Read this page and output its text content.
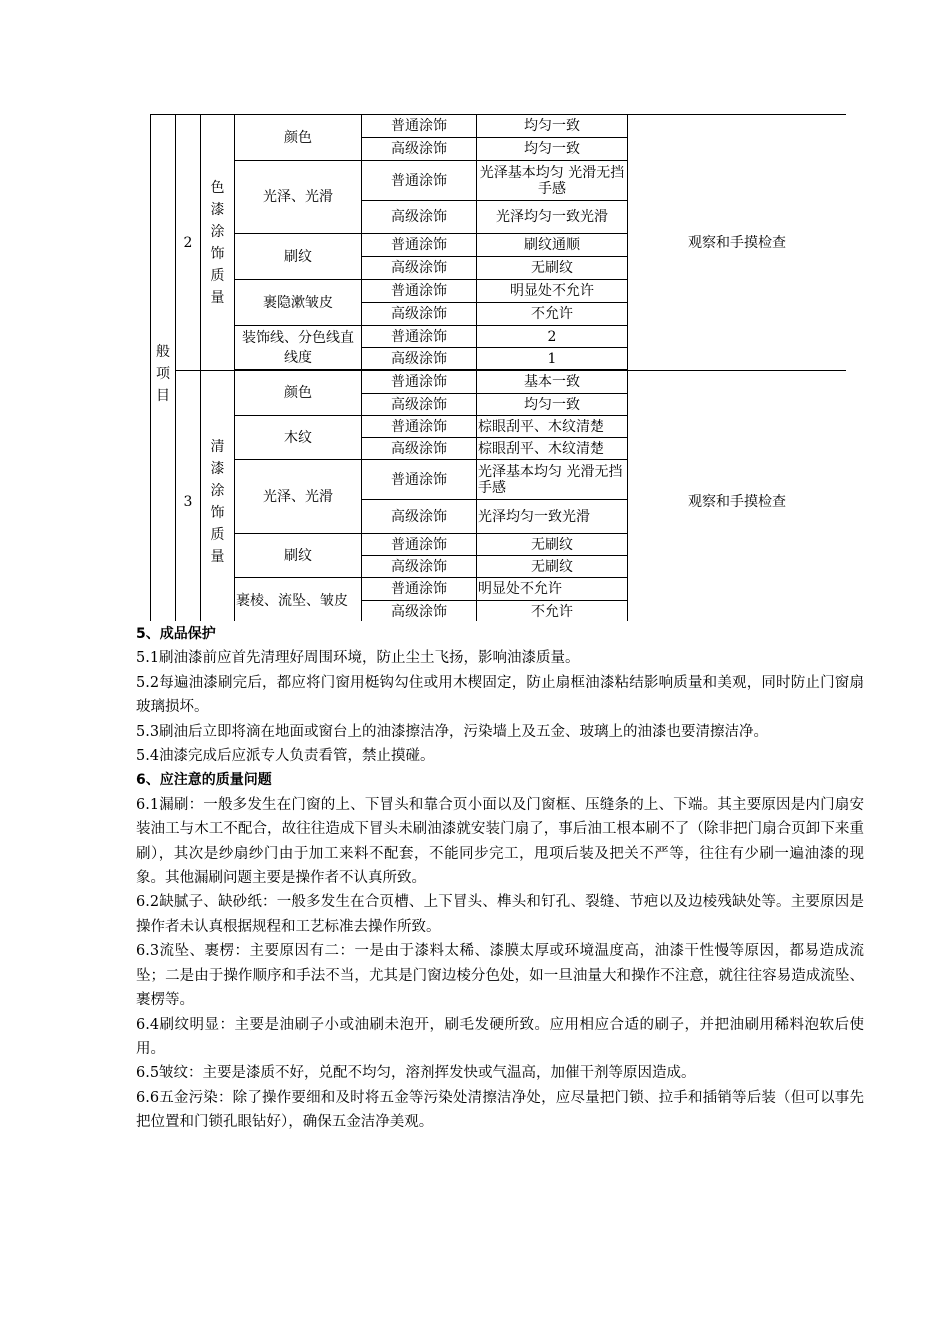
般项目	2	色漆涂饰质量	颜色	普通涂饰	均匀一致	观察和手摸检查
				高级涂饰	均匀一致	
			光泽、光滑	普通涂饰	光泽基本均匀 光滑无挡手感	
				高级涂饰	光泽均匀一致光滑	
			刷纹	普通涂饰	刷纹通顺	
				高级涂饰	无刷纹	
			裹隐漱皱皮	普通涂饰	明显处不允许	
				高级涂饰	不允许	
			装饰线、分色线直线度	普通涂饰	2	
				高级涂饰	1	

	3	清漆涂饰质量	颜色	普通涂饰	基本一致	观察和手摸检查
				高级涂饰	均匀一致	
			木纹	普通涂饰	棕眼刮平、木纹清楚	
				高级涂饰	棕眼刮平、木纹清楚	
			光泽、光滑	普通涂饰	光泽基本均匀 光滑无挡手感	
				高级涂饰	光泽均匀一致光滑	
			刷纹	普通涂饰	无刷纹	
				高级涂饰	无刷纹	
			裹棱、流坠、皱皮	普通涂饰	明显处不允许	
				高级涂饰	不允许	

5、成品保护

5.1刷油漆前应首先清理好周围环境，防止尘土飞扬，影响油漆质量。

5.2每遍油漆刷完后，都应将门窗用梃钩勾住或用木楔固定，防止扇框油漆粘结影响质量和美观，同时防止门窗扇玻璃损坏。

5.3刷油后立即将滴在地面或窗台上的油漆擦洁净，污染墙上及五金、玻璃上的油漆也要清擦洁净。

5.4油漆完成后应派专人负责看管，禁止摸碰。

6、应注意的质量问题

6.1漏刷：一般多发生在门窗的上、下冒头和靠合页小面以及门窗框、压缝条的上、下端。其主要原因是内门扇安装油工与木工不配合，故往往造成下冒头未刷油漆就安装门扇了，事后油工根本刷不了（除非把门扇合页卸下来重刷），其次是纱扇纱门由于加工来料不配套，不能同步完工，甩项后装及把关不严等，往往有少刷一遍油漆的现象。其他漏刷问题主要是操作者不认真所致。

6.2缺腻子、缺砂纸：一般多发生在合页槽、上下冒头、榫头和钉孔、裂缝、节疤以及边棱残缺处等。主要原因是操作者未认真根据规程和工艺标准去操作所致。

6.3流坠、裹楞：主要原因有二：一是由于漆料太稀、漆膜太厚或环境温度高，油漆干性慢等原因，都易造成流坠；二是由于操作顺序和手法不当，尤其是门窗边棱分色处，如一旦油量大和操作不注意，就往往容易造成流坠、裹楞等。

6.4刷纹明显：主要是油刷子小或油刷未泡开，刷毛发硬所致。应用相应合适的刷子，并把油刷用稀料泡软后使用。

6.5皱纹：主要是漆质不好，兑配不均匀，溶剂挥发快或气温高，加催干剂等原因造成。

6.6五金污染：除了操作要细和及时将五金等污染处清擦洁净处，应尽量把门锁、拉手和插销等后装（但可以事先把位置和门锁孔眼钻好），确保五金洁净美观。
